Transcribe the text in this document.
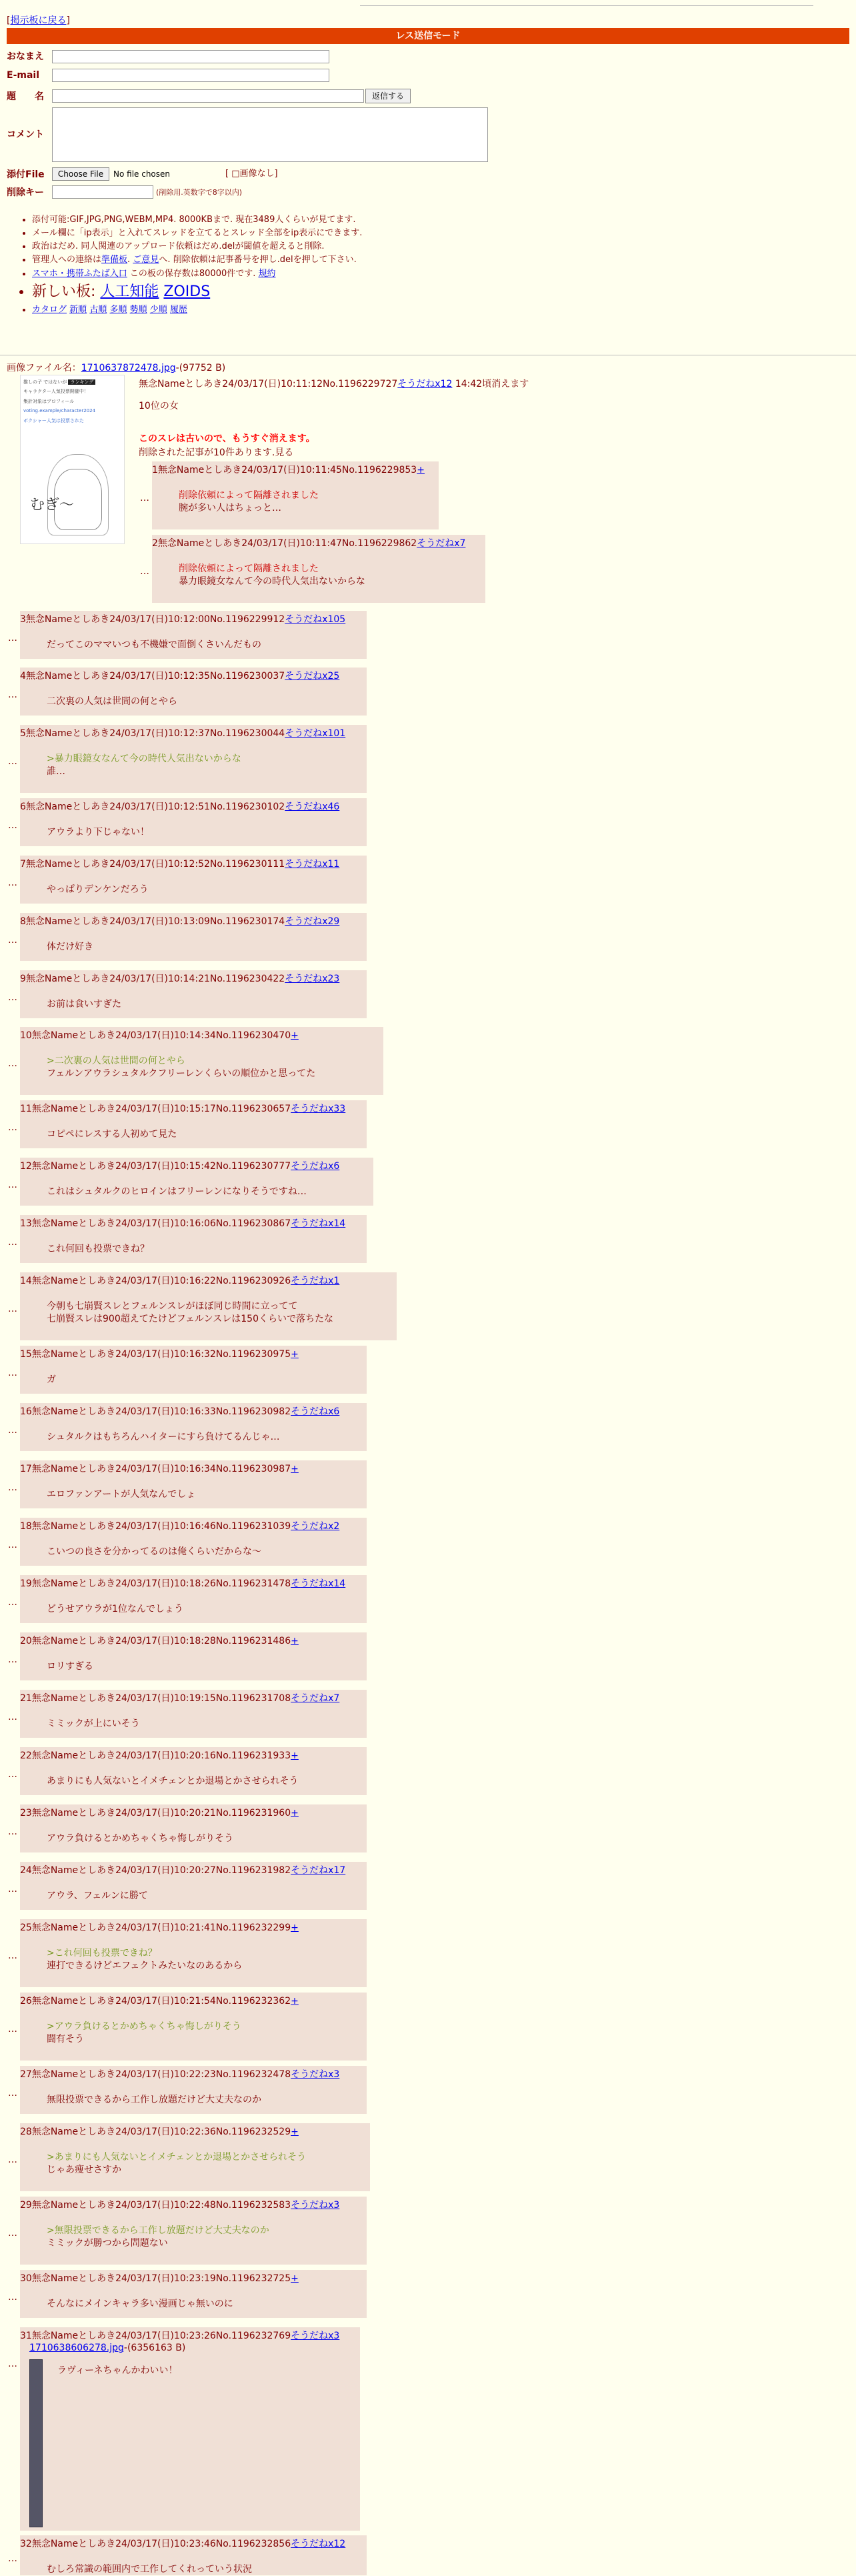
[掲示板に戻る]
レス送信モード
おなまえ
E-mail
題　　名	返信する
コメント
添付File	Choose File	No file chosen	[ □画像なし]
削除キー	(削除用.英数字で8字以内)
• 添付可能:GIF,JPG,PNG,WEBM,MP4. 8000KBまで. 現在3489人くらいが見てます.
• メール欄に「ip表示」と入れてスレッドを立てるとスレッド全部をip表示にできます.
• 政治はだめ. 同人関連のアップロード依頼はだめ.delが閾値を超えると削除.
• 管理人への連絡は準備板. ご意見へ. 削除依頼は記事番号を押し.delを押して下さい.
• スマホ・携帯ふたば入口 この板の保存数は80000件です. 規約
• 新しい板: 人工知能 ZOIDS
• カタログ 新順 古順 多順 勢順 少順 履歴
画像ファイル名：1710637872478.jpg-(97752 B)
推しの子 ではないが ランキング
キャラクター人気投票開催中！
集計対象はプロフィール
voting.example/character2024
ボクシャー人気は投票された
むぎ〜
無念Nameとしあき24/03/17(日)10:11:12No.1196229727そうだねx12 14:42頃消えます
10位の女
このスレは古いので、もうすぐ消えます。
削除された記事が10件あります.見る
1無念Nameとしあき24/03/17(日)10:11:45No.1196229853+
削除依頼によって隔離されました
腕が多い人はちょっと…
…
2無念Nameとしあき24/03/17(日)10:11:47No.1196229862そうだねx7
削除依頼によって隔離されました
暴力眼鏡女なんて今の時代人気出ないからな
…
3無念Nameとしあき24/03/17(日)10:12:00No.1196229912そうだねx105
だってこのママいつも不機嫌で面倒くさいんだもの
…
4無念Nameとしあき24/03/17(日)10:12:35No.1196230037そうだねx25
二次裏の人気は世間の何とやら
…
5無念Nameとしあき24/03/17(日)10:12:37No.1196230044そうだねx101
>暴力眼鏡女なんて今の時代人気出ないからな
誰…
…
6無念Nameとしあき24/03/17(日)10:12:51No.1196230102そうだねx46
アウラより下じゃない！
…
7無念Nameとしあき24/03/17(日)10:12:52No.1196230111そうだねx11
やっぱりデンケンだろう
…
8無念Nameとしあき24/03/17(日)10:13:09No.1196230174そうだねx29
体だけ好き
…
9無念Nameとしあき24/03/17(日)10:14:21No.1196230422そうだねx23
お前は食いすぎた
…
10無念Nameとしあき24/03/17(日)10:14:34No.1196230470+
>二次裏の人気は世間の何とやら
フェルンアウラシュタルクフリーレンくらいの順位かと思ってた
…
11無念Nameとしあき24/03/17(日)10:15:17No.1196230657そうだねx33
コピペにレスする人初めて見た
…
12無念Nameとしあき24/03/17(日)10:15:42No.1196230777そうだねx6
これはシュタルクのヒロインはフリーレンになりそうですね…
…
13無念Nameとしあき24/03/17(日)10:16:06No.1196230867そうだねx14
これ何回も投票できね？
…
14無念Nameとしあき24/03/17(日)10:16:22No.1196230926そうだねx1
今朝も七崩賢スレとフェルンスレがほぼ同じ時間に立ってて
七崩賢スレは900超えてたけどフェルンスレは150くらいで落ちたな
…
15無念Nameとしあき24/03/17(日)10:16:32No.1196230975+
ガ
…
16無念Nameとしあき24/03/17(日)10:16:33No.1196230982そうだねx6
シュタルクはもちろんハイターにすら負けてるんじゃ…
…
17無念Nameとしあき24/03/17(日)10:16:34No.1196230987+
エロファンアートが人気なんでしょ
…
18無念Nameとしあき24/03/17(日)10:16:46No.1196231039そうだねx2
こいつの良さを分かってるのは俺くらいだからな〜
…
19無念Nameとしあき24/03/17(日)10:18:26No.1196231478そうだねx14
どうせアウラが1位なんでしょう
…
20無念Nameとしあき24/03/17(日)10:18:28No.1196231486+
ロリすぎる
…
21無念Nameとしあき24/03/17(日)10:19:15No.1196231708そうだねx7
ミミックが上にいそう
…
22無念Nameとしあき24/03/17(日)10:20:16No.1196231933+
あまりにも人気ないとイメチェンとか退場とかさせられそう
…
23無念Nameとしあき24/03/17(日)10:20:21No.1196231960+
アウラ負けるとかめちゃくちゃ悔しがりそう
…
24無念Nameとしあき24/03/17(日)10:20:27No.1196231982そうだねx17
アウラ、フェルンに勝て
…
25無念Nameとしあき24/03/17(日)10:21:41No.1196232299+
>これ何回も投票できね？
連打できるけどエフェクトみたいなのあるから
…
26無念Nameとしあき24/03/17(日)10:21:54No.1196232362+
>アウラ負けるとかめちゃくちゃ悔しがりそう
闘有そう
…
27無念Nameとしあき24/03/17(日)10:22:23No.1196232478そうだねx3
無限投票できるから工作し放題だけど大丈夫なのか
…
28無念Nameとしあき24/03/17(日)10:22:36No.1196232529+
>あまりにも人気ないとイメチェンとか退場とかさせられそう
じゃあ痩せさすか
…
29無念Nameとしあき24/03/17(日)10:22:48No.1196232583そうだねx3
>無限投票できるから工作し放題だけど大丈夫なのか
ミミックが勝つから問題ない
…
30無念Nameとしあき24/03/17(日)10:23:19No.1196232725+
そんなにメインキャラ多い漫画じゃ無いのに
…
31無念Nameとしあき24/03/17(日)10:23:26No.1196232769そうだねx3
1710638606278.jpg-(6356163 B)
ラヴィーネちゃんかわいい！
…
32無念Nameとしあき24/03/17(日)10:23:46No.1196232856そうだねx12
むしろ常識の範囲内で工作してくれっていう状況
…
